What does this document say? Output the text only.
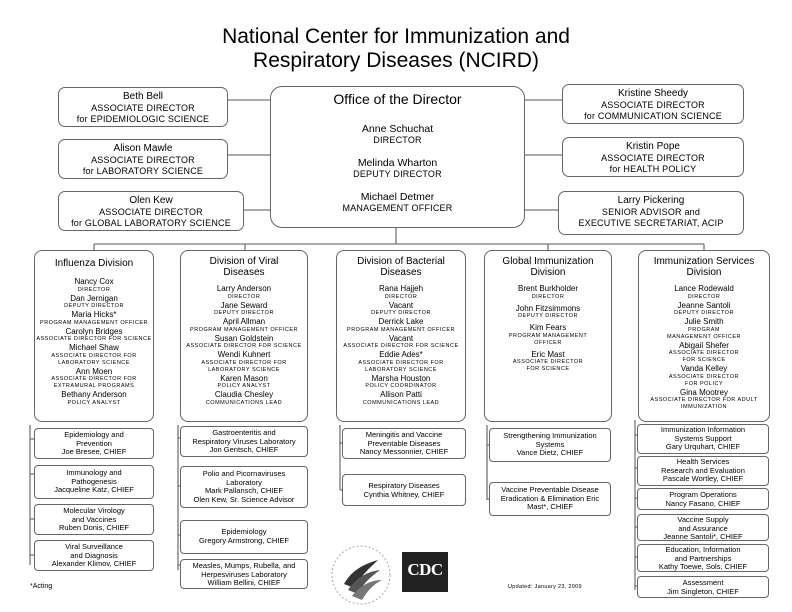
National Center for Immunization and
Respiratory Diseases (NCIRD)
Office of the Director
Anne Schuchat
DIRECTOR
Melinda Wharton
DEPUTY DIRECTOR
Michael Detmer
MANAGEMENT OFFICER
Beth Bell
ASSOCIATE DIRECTOR
for EPIDEMIOLOGIC SCIENCE
Alison Mawle
ASSOCIATE DIRECTOR
for LABORATORY SCIENCE
Olen Kew
ASSOCIATE DIRECTOR
for GLOBAL LABORATORY SCIENCE
Kristine Sheedy
ASSOCIATE DIRECTOR
for COMMUNICATION SCIENCE
Kristin Pope
ASSOCIATE DIRECTOR
for HEALTH POLICY
Larry Pickering
SENIOR ADVISOR and
EXECUTIVE SECRETARIAT, ACIP
Influenza Division
Nancy Cox
DIRECTOR
Dan Jernigan
DEPUTY DIRECTOR
Maria Hicks*
PROGRAM MANAGEMENT OFFICER
Carolyn Bridges
ASSOCIATE DIRECTOR FOR SCIENCE
Michael Shaw
ASSOCIATE DIRECTOR FOR LABORATORY SCIENCE
Ann Moen
ASSOCIATE DIRECTOR FOR EXTRAMURAL PROGRAMS
Bethany Anderson
POLICY ANALYST
Division of Viral Diseases
Larry Anderson
DIRECTOR
Jane Seward
DEPUTY DIRECTOR
April Allman
PROGRAM MANAGEMENT OFFICER
Susan Goldstein
ASSOCIATE DIRECTOR FOR SCIENCE
Wendi Kuhnert
ASSOCIATE DIRECTOR FOR LABORATORY SCIENCE
Karen Mason
POLICY ANALYST
Claudia Chesley
COMMUNICATIONS LEAD
Division of Bacterial Diseases
Rana Hajjeh
DIRECTOR
Vacant
DEPUTY DIRECTOR
Derrick Lake
PROGRAM MANAGEMENT OFFICER
Vacant
ASSOCIATE DIRECTOR FOR SCIENCE
Eddie Ades*
ASSOCIATE DIRECTOR FOR LABORATORY SCIENCE
Marsha Houston
POLICY COORDINATOR
Allison Patti
COMMUNICATIONS LEAD
Global Immunization Division
Brent Burkholder
DIRECTOR
John Fitzsimmons
DEPUTY DIRECTOR
Kim Fears
PROGRAM MANAGEMENT OFFICER
Eric Mast
ASSOCIATE DIRECTOR FOR SCIENCE
Immunization Services Division
Lance Rodewald
DIRECTOR
Jeanne Santoli
DEPUTY DIRECTOR
Julie Smith
PROGRAM MANAGEMENT OFFICER
Abigail Shefer
ASSOCIATE DIRECTOR FOR SCIENCE
Vanda Kelley
ASSOCIATE DIRECTOR FOR POLICY
Gina Mootrey
ASSOCIATE DIRECTOR FOR ADULT IMMUNIZATION
Epidemiology and
Prevention
Joe Bresee, CHIEF
Immunology and
Pathogenesis
Jacqueline Katz, CHIEF
Molecular Virology
and Vaccines
Ruben Donis, CHIEF
Viral Surveillance
and Diagnosis
Alexander Klimov, CHIEF
Gastroenteritis and
Respiratory Viruses Laboratory
Jon Gentsch, CHIEF
Polio and Picornaviruses
Laboratory
Mark Pallansch, CHIEF
Olen Kew, Sr. Science Advisor
Epidemiology
Gregory Armstrong, CHIEF
Measles, Mumps, Rubella, and
Herpesviruses Laboratory
William Bellini, CHIEF
Meningitis and Vaccine
Preventable Diseases
Nancy Messonnier, CHIEF
Respiratory Diseases
Cynthia Whitney, CHIEF
Strengthening Immunization
Systems
Vance Dietz, CHIEF
Vaccine Preventable Disease
Eradication & Elimination Eric
Mast*, CHIEF
Immunization Information
Systems Support
Gary Urquhart, CHIEF
Health Services
Research and Evaluation
Pascale Wortley, CHIEF
Program Operations
Nancy Fasano, CHIEF
Vaccine Supply
and Assurance
Jeanne Santoli*, CHIEF
Education, Information
and Partnerships
Kathy Toewe, Sols, CHIEF
Assessment
Jim Singleton, CHIEF
*Acting	Updated: January 23, 2009
CDC
